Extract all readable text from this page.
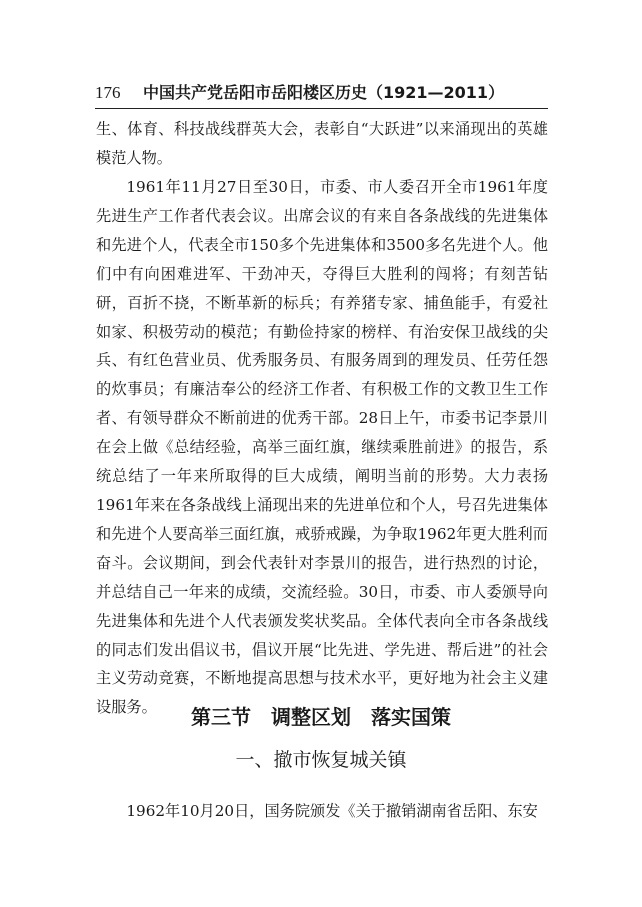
176 中国共产党岳阳市岳阳楼区历史（1921—2011）

生、体育、科技战线群英大会，表彰自“大跃进”以来涌现出的英雄模范人物。

1961年11月27日至30日，市委、市人委召开全市1961年度先进生产工作者代表会议。出席会议的有来自各条战线的先进集体和先进个人，代表全市150多个先进集体和3500多名先进个人。他们中有向困难进军、干劲冲天，夺得巨大胜利的闯将；有刻苦钻研，百折不挠，不断革新的标兵；有养猪专家、捕鱼能手，有爱社如家、积极劳动的模范；有勤俭持家的榜样、有治安保卫战线的尖兵、有红色营业员、优秀服务员、有服务周到的理发员、任劳任怨的炊事员；有廉洁奉公的经济工作者、有积极工作的文教卫生工作者、有领导群众不断前进的优秀干部。28日上午，市委书记李景川在会上做《总结经验，高举三面红旗，继续乘胜前进》的报告，系统总结了一年来所取得的巨大成绩，阐明当前的形势。大力表扬1961年来在各条战线上涌现出来的先进单位和个人，号召先进集体和先进个人要高举三面红旗，戒骄戒躁，为争取1962年更大胜利而奋斗。会议期间，到会代表针对李景川的报告，进行热烈的讨论，并总结自己一年来的成绩，交流经验。30日，市委、市人委颁导向先进集体和先进个人代表颁发奖状奖品。全体代表向全市各条战线的同志们发出倡议书，倡议开展“比先进、学先进、帮后进”的社会主义劳动竞赛，不断地提高思想与技术水平，更好地为社会主义建设服务。	第三节　调整区划　落实国策
一、撤市恢复城关镇

1962年10月20日，国务院颁发《关于撤销湖南省岳阳、东安
